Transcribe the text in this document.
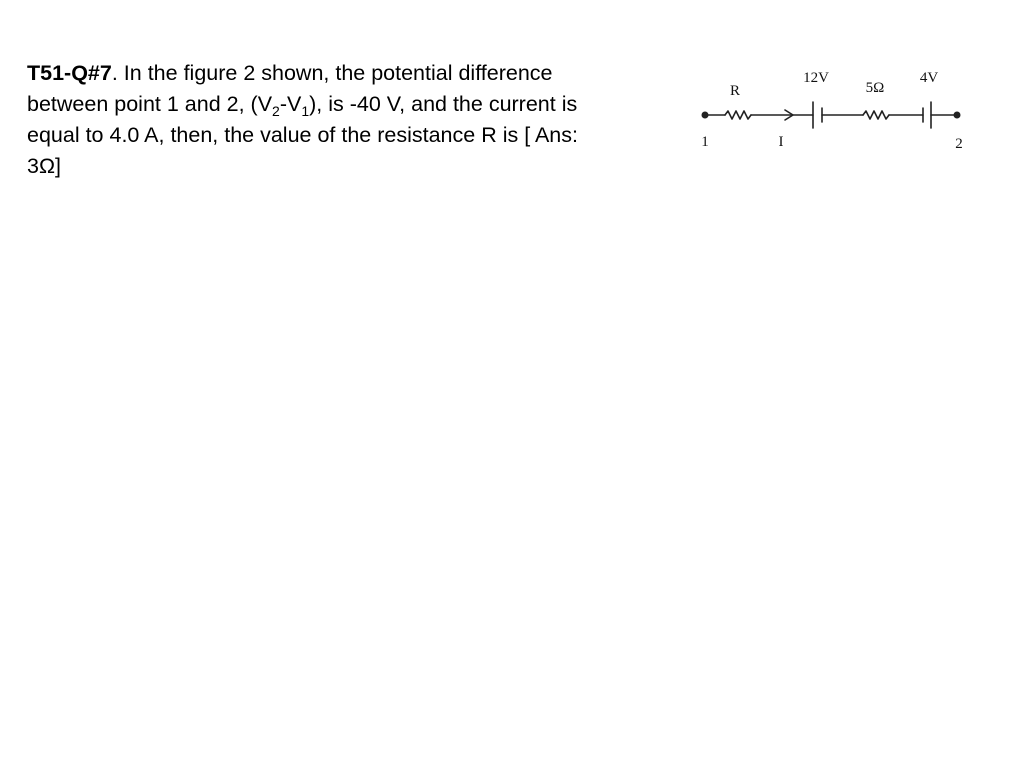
T51-Q#7. In the figure 2 shown, the potential difference between point 1 and 2, $(V_2-V_1)$, is -40 V, and the current is equal to 4.0 A, then, the value of the resistance R is [ Ans: 3Ω]
R
12V
5Ω
4V
1	I	2
